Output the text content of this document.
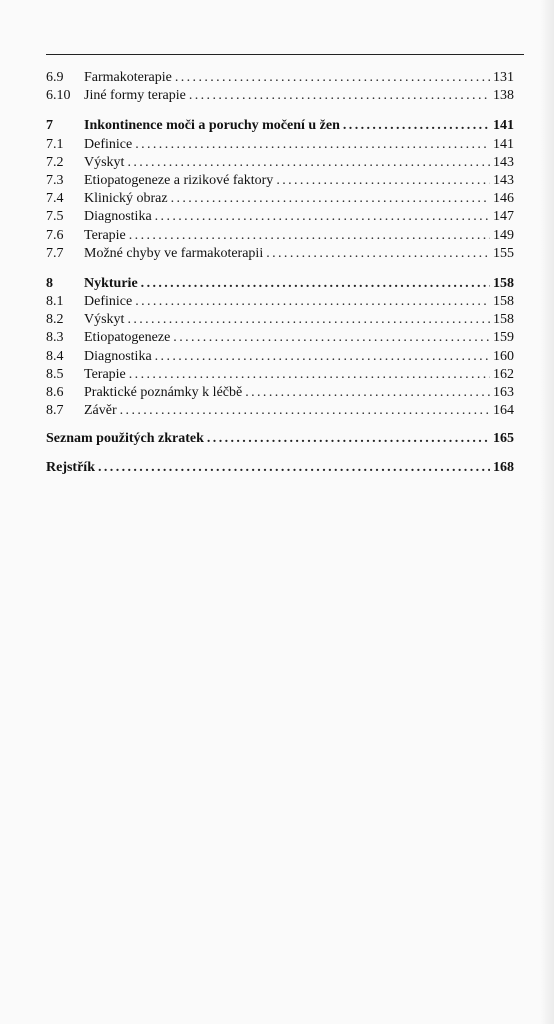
6.9	Farmakoterapie .....	131
6.10 Jiné formy terapie .....	138
7	Inkontinence moči a poruchy močení u žen .....	141
7.1	Definice .....	141
7.2	Výskyt .....	143
7.3	Etiopatogeneze a rizikové faktory .....	143
7.4	Klinický obraz .....	146
7.5	Diagnostika .....	147
7.6	Terapie .....	149
7.7	Možné chyby ve farmakoterapii .....	155
8	Nykturie .....	158
8.1	Definice .....	158
8.2	Výskyt .....	158
8.3	Etiopatogeneze .....	159
8.4	Diagnostika .....	160
8.5	Terapie .....	162
8.6	Praktické poznámky k léčbě .....	163
8.7	Závěr .....	164
Seznam použitých zkratek .....	165
Rejstřík .....	168
